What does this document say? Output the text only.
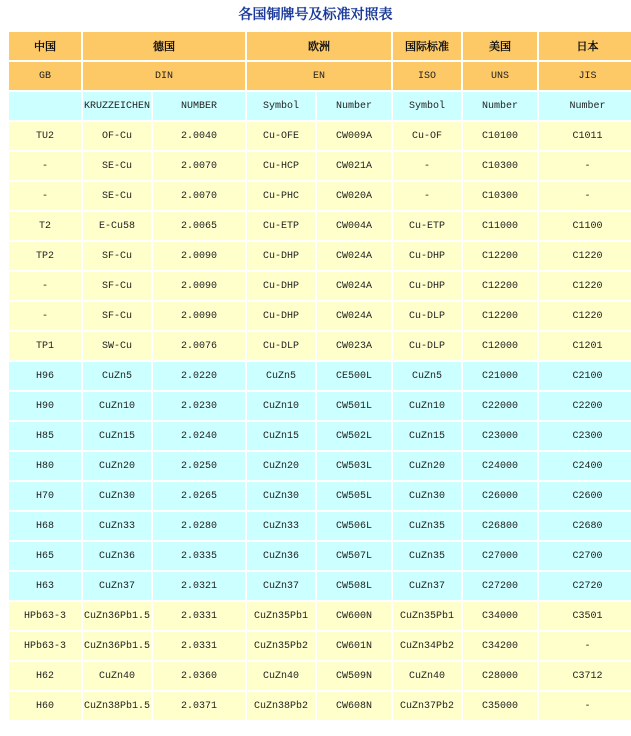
各国铜牌号及标准对照表
中国	德国		欧洲		国际标准	美国	日本
GB	DIN		EN		ISO	UNS	JIS
	KRUZZEICHEN	NUMBER	Symbol	Number	Symbol	Number	Number
TU2	OF-Cu	2.0040	Cu-OFE	CW009A	Cu-OF	C10100	C1011
-	SE-Cu	2.0070	Cu-HCP	CW021A	-	C10300	-
-	SE-Cu	2.0070	Cu-PHC	CW020A	-	C10300	-
T2	E-Cu58	2.0065	Cu-ETP	CW004A	Cu-ETP	C11000	C1100
TP2	SF-Cu	2.0090	Cu-DHP	CW024A	Cu-DHP	C12200	C1220
-	SF-Cu	2.0090	Cu-DHP	CW024A	Cu-DHP	C12200	C1220
-	SF-Cu	2.0090	Cu-DHP	CW024A	Cu-DLP	C12200	C1220
TP1	SW-Cu	2.0076	Cu-DLP	CW023A	Cu-DLP	C12000	C1201
H96	CuZn5	2.0220	CuZn5	CE500L	CuZn5	C21000	C2100
H90	CuZn10	2.0230	CuZn10	CW501L	CuZn10	C22000	C2200
H85	CuZn15	2.0240	CuZn15	CW502L	CuZn15	C23000	C2300
H80	CuZn20	2.0250	CuZn20	CW503L	CuZn20	C24000	C2400
H70	CuZn30	2.0265	CuZn30	CW505L	CuZn30	C26000	C2600
H68	CuZn33	2.0280	CuZn33	CW506L	CuZn35	C26800	C2680
H65	CuZn36	2.0335	CuZn36	CW507L	CuZn35	C27000	C2700
H63	CuZn37	2.0321	CuZn37	CW508L	CuZn37	C27200	C2720
HPb63-3	CuZn36Pb1.5	2.0331	CuZn35Pb1	CW600N	CuZn35Pb1	C34000	C3501
HPb63-3	CuZn36Pb1.5	2.0331	CuZn35Pb2	CW601N	CuZn34Pb2	C34200	-
H62	CuZn40	2.0360	CuZn40	CW509N	CuZn40	C28000	C3712
H60	CuZn38Pb1.5	2.0371	CuZn38Pb2	CW608N	CuZn37Pb2	C35000	-
